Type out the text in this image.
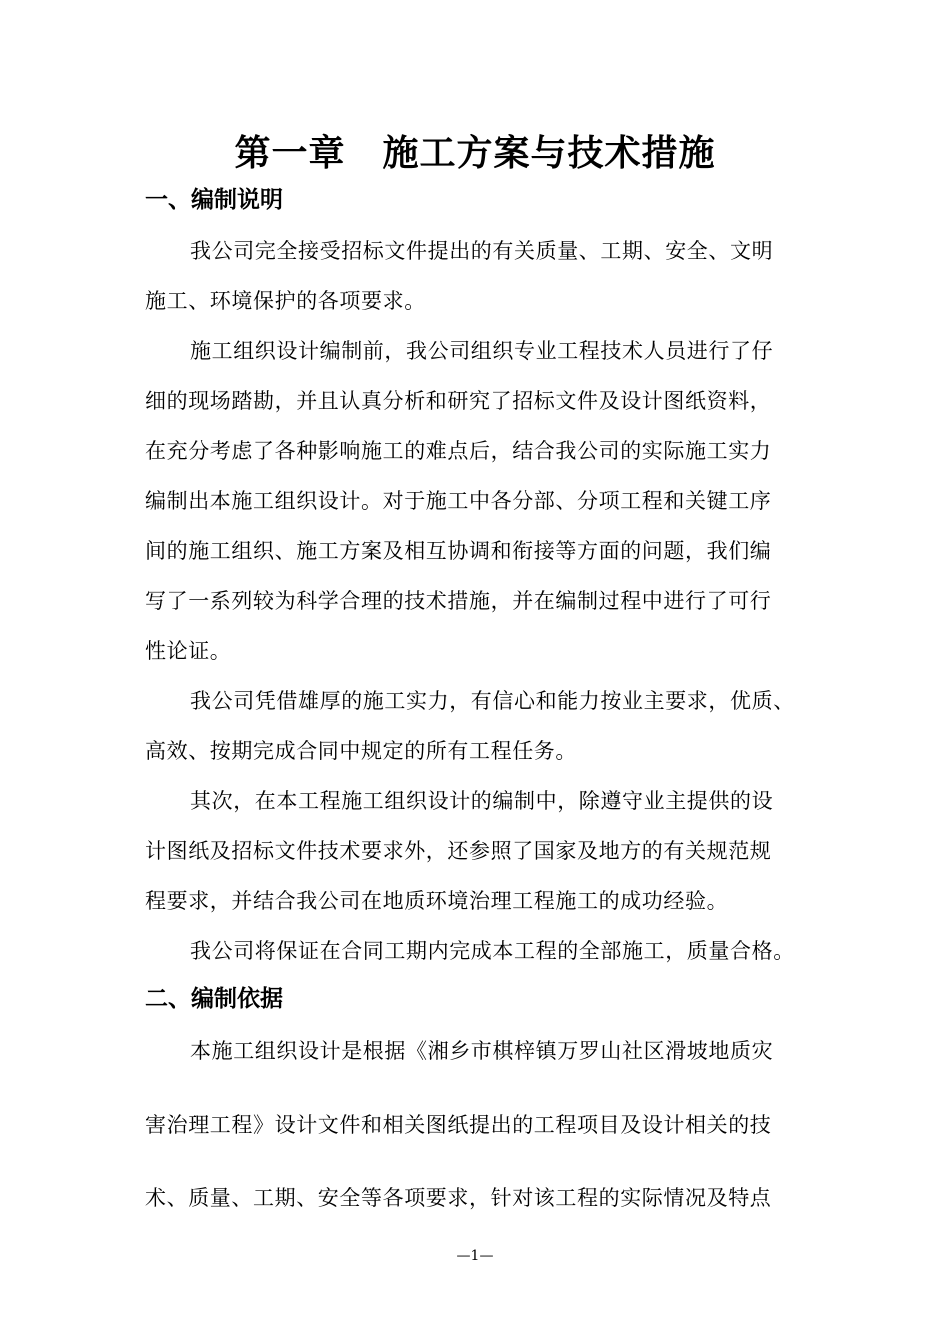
第一章　施工方案与技术措施
一、编制说明
我公司完全接受招标文件提出的有关质量、工期、安全、文明
施工、环境保护的各项要求。
施工组织设计编制前，我公司组织专业工程技术人员进行了仔
细的现场踏勘，并且认真分析和研究了招标文件及设计图纸资料，
在充分考虑了各种影响施工的难点后，结合我公司的实际施工实力
编制出本施工组织设计。对于施工中各分部、分项工程和关键工序
间的施工组织、施工方案及相互协调和衔接等方面的问题，我们编
写了一系列较为科学合理的技术措施，并在编制过程中进行了可行
性论证。
我公司凭借雄厚的施工实力，有信心和能力按业主要求，优质、
高效、按期完成合同中规定的所有工程任务。
其次，在本工程施工组织设计的编制中，除遵守业主提供的设
计图纸及招标文件技术要求外，还参照了国家及地方的有关规范规
程要求，并结合我公司在地质环境治理工程施工的成功经验。
我公司将保证在合同工期内完成本工程的全部施工，质量合格。
二、编制依据
本施工组织设计是根据《湘乡市棋梓镇万罗山社区滑坡地质灾
害治理工程》设计文件和相关图纸提出的工程项目及设计相关的技
术、质量、工期、安全等各项要求，针对该工程的实际情况及特点
—1—
